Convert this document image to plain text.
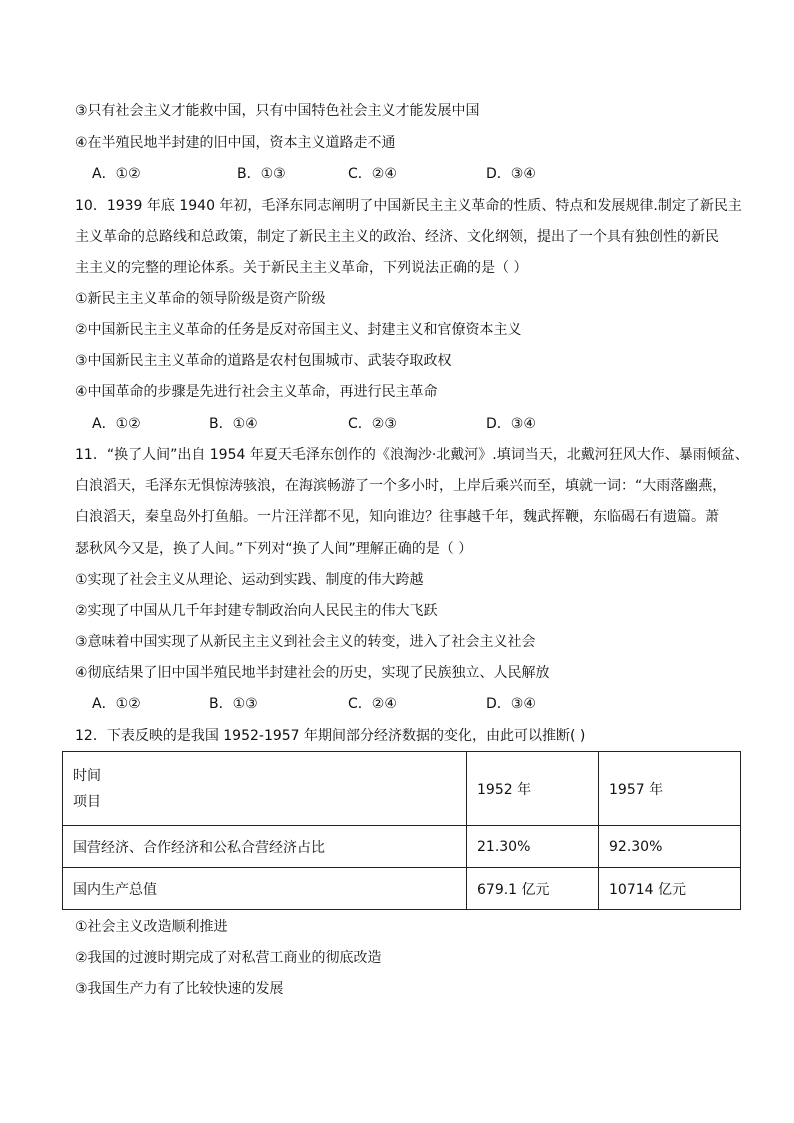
③只有社会主义才能救中国，只有中国特色社会主义才能发展中国
④在半殖民地半封建的旧中国，资本主义道路走不通
A．①②	B．①③	C．②④	D．③④
10．1939 年底 1940 年初，毛泽东同志阐明了中国新民主主义革命的性质、特点和发展规律.制定了新民主
主义革命的总路线和总政策，制定了新民主主义的政治、经济、文化纲领，提出了一个具有独创性的新民
主主义的完整的理论体系。关于新民主主义革命，下列说法正确的是（ ）
①新民主主义革命的领导阶级是资产阶级
②中国新民主主义革命的任务是反对帝国主义、封建主义和官僚资本主义
③中国新民主主义革命的道路是农村包围城市、武装夺取政权
④中国革命的步骤是先进行社会主义革命，再进行民主革命
A．①②	B．①④	C．②③	D．③④
11．“换了人间”出自 1954 年夏天毛泽东创作的《浪淘沙·北戴河》.填词当天，北戴河狂风大作、暴雨倾盆、
白浪滔天，毛泽东无惧惊涛骇浪，在海滨畅游了一个多小时，上岸后乘兴而至，填就一词：“大雨落幽燕，
白浪滔天，秦皇岛外打鱼船。一片汪洋都不见，知向谁边？往事越千年，魏武挥鞭，东临碣石有遗篇。萧
瑟秋风今又是，换了人间。”下列对“换了人间”理解正确的是（ ）
①实现了社会主义从理论、运动到实践、制度的伟大跨越
②实现了中国从几千年封建专制政治向人民民主的伟大飞跃
③意味着中国实现了从新民主主义到社会主义的转变，进入了社会主义社会
④彻底结果了旧中国半殖民地半封建社会的历史，实现了民族独立、人民解放
A．①②	B．①③	C．②④	D．③④
12．下表反映的是我国 1952-1957 年期间部分经济数据的变化，由此可以推断( )
时间
项目	1952 年	1957 年
国营经济、合作经济和公私合营经济占比	21.30%	92.30%
国内生产总值	679.1 亿元	10714 亿元
①社会主义改造顺利推进
②我国的过渡时期完成了对私营工商业的彻底改造
③我国生产力有了比较快速的发展
